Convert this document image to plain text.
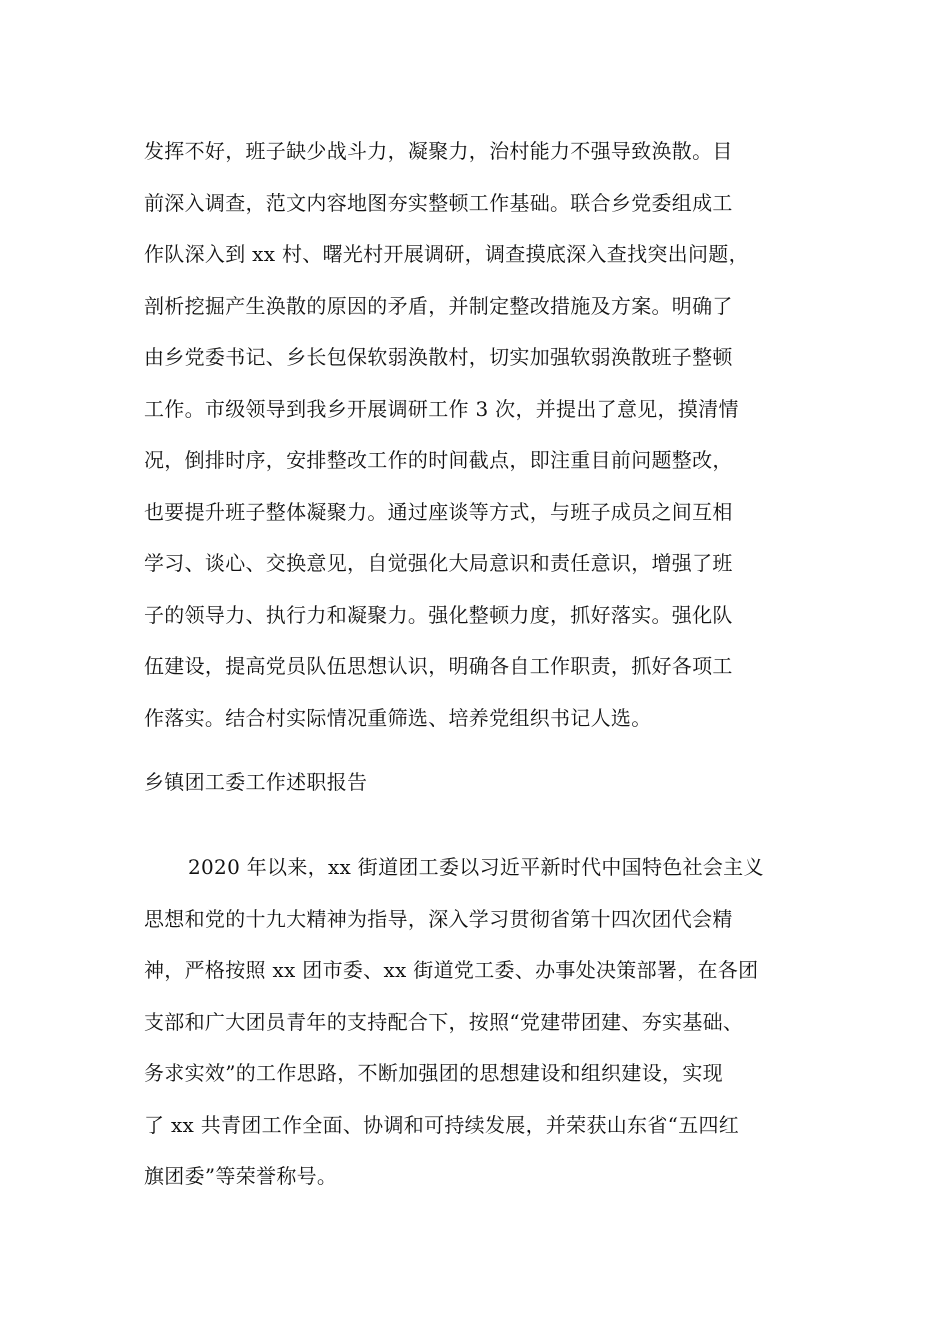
发挥不好，班子缺少战斗力，凝聚力，治村能力不强导致涣散。目
前深入调查，范文内容地图夯实整顿工作基础。联合乡党委组成工
作队深入到 xx 村、曙光村开展调研，调查摸底深入查找突出问题，
剖析挖掘产生涣散的原因的矛盾，并制定整改措施及方案。明确了
由乡党委书记、乡长包保软弱涣散村，切实加强软弱涣散班子整顿
工作。市级领导到我乡开展调研工作 3 次，并提出了意见，摸清情
况，倒排时序，安排整改工作的时间截点，即注重目前问题整改，
也要提升班子整体凝聚力。通过座谈等方式，与班子成员之间互相
学习、谈心、交换意见，自觉强化大局意识和责任意识，增强了班
子的领导力、执行力和凝聚力。强化整顿力度，抓好落实。强化队
伍建设，提高党员队伍思想认识，明确各自工作职责，抓好各项工
作落实。结合村实际情况重筛选、培养党组织书记人选。
乡镇团工委工作述职报告
2020 年以来，xx 街道团工委以习近平新时代中国特色社会主义
思想和党的十九大精神为指导，深入学习贯彻省第十四次团代会精
神，严格按照 xx 团市委、xx 街道党工委、办事处决策部署，在各团
支部和广大团员青年的支持配合下，按照“党建带团建、夯实基础、
务求实效”的工作思路，不断加强团的思想建设和组织建设，实现
了 xx 共青团工作全面、协调和可持续发展，并荣获山东省“五四红
旗团委”等荣誉称号。
